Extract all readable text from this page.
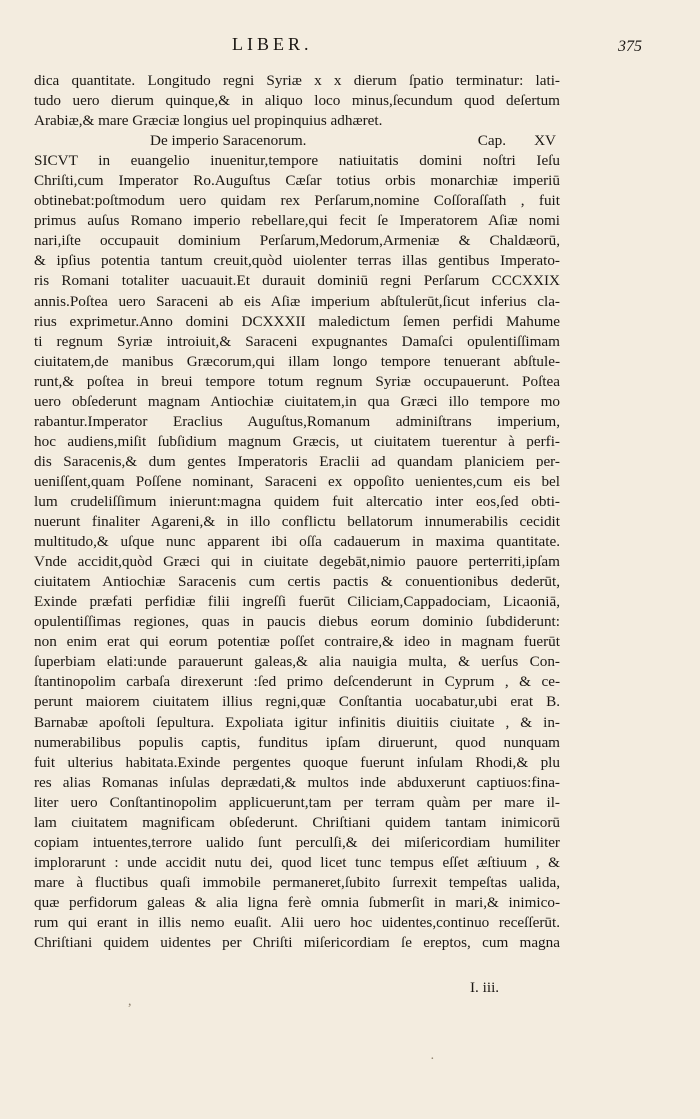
LIBER.	375
dica quantitate. Longitudo regni Syriæ x x dierum ſpatio terminatur: lati-
tudo uero dierum quinque,& in aliquo loco minus,ſecundum quod deſertum
Arabiæ,& mare Græciæ longius uel propinquius adhæret.
De imperio Saracenorum.	Cap. XV
SICVT in euangelio inuenitur,tempore natiuitatis domini noſtri Ieſu
Chriſti,cum Imperator Ro.Auguſtus Cæſar totius orbis monarchiæ imperiū
obtinebat:poſtmodum uero quidam rex Perſarum,nomine Coſſoraſſath , fuit
primus auſus Romano imperio rebellare,qui fecit ſe Imperatorem Aſiæ nomi
nari,iſte occupauit dominium Perſarum,Medorum,Armeniæ & Chaldæorū,
& ipſius potentia tantum creuit,quòd uiolenter terras illas gentibus Imperato-
ris Romani totaliter uacuauit.Et durauit dominiū regni Perſarum CCCXXIX
annis.Poſtea uero Saraceni ab eis Aſiæ imperium abſtulerūt,ſicut inferius cla-
rius exprimetur.Anno domini DCXXXII maledictum ſemen perfidi Mahume
ti regnum Syriæ introiuit,& Saraceni expugnantes Damaſci opulentiſſimam
ciuitatem,de manibus Græcorum,qui illam longo tempore tenuerant abſtule-
runt,& poſtea in breui tempore totum regnum Syriæ occupauerunt. Poſtea
uero obſederunt magnam Antiochiæ ciuitatem,in qua Græci illo tempore mo
rabantur.Imperator Eraclius Auguſtus,Romanum adminiſtrans imperium,
hoc audiens,miſit ſubſidium magnum Græcis, ut ciuitatem tuerentur à perfi-
dis Saracenis,& dum gentes Imperatoris Eraclii ad quandam planiciem per-
ueniſſent,quam Poſſene nominant, Saraceni ex oppoſito uenientes,cum eis bel
lum crudeliſſimum inierunt:magna quidem fuit altercatio inter eos,ſed obti-
nuerunt finaliter Agareni,& in illo conflictu bellatorum innumerabilis cecidit
multitudo,& uſque nunc apparent ibi oſſa cadauerum in maxima quantitate.
Vnde accidit,quòd Græci qui in ciuitate degebāt,nimio pauore perterriti,ipſam
ciuitatem Antiochiæ Saracenis cum certis pactis & conuentionibus dederūt,
Exinde præfati perfidiæ filii ingreſſi fuerūt Ciliciam,Cappadociam, Licaoniā,
opulentiſſimas regiones, quas in paucis diebus eorum dominio ſubdiderunt:
non enim erat qui eorum potentiæ poſſet contraire,& ideo in magnam fuerūt
ſuperbiam elati:unde parauerunt galeas,& alia nauigia multa, & uerſus Con-
ſtantinopolim carbaſa direxerunt :ſed primo deſcenderunt in Cyprum , & ce-
perunt maiorem ciuitatem illius regni,quæ Conſtantia uocabatur,ubi erat B.
Barnabæ apoſtoli ſepultura. Expoliata igitur infinitis diuitiis ciuitate , & in-
numerabilibus populis captis, funditus ipſam diruerunt, quod nunquam
fuit ulterius habitata.Exinde pergentes quoque fuerunt inſulam Rhodi,& plu
res alias Romanas inſulas deprædati,& multos inde abduxerunt captiuos:fina-
liter uero Conſtantinopolim applicuerunt,tam per terram quàm per mare il-
lam ciuitatem magnificam obſederunt. Chriſtiani quidem tantam inimicorū
copiam intuentes,terrore ualido ſunt perculſi,& dei miſericordiam humiliter
implorarunt : unde accidit nutu dei, quod licet tunc tempus eſſet æſtiuum , &
mare à fluctibus quaſi immobile permaneret,ſubito ſurrexit tempeſtas ualida,
quæ perfidorum galeas & alia ligna ferè omnia ſubmerſit in mari,& inimico-
rum qui erant in illis nemo euaſit. Alii uero hoc uidentes,continuo receſſerūt.
Chriſtiani quidem uidentes per Chriſti miſericordiam ſe ereptos, cum magna
I. iii.
,
·
